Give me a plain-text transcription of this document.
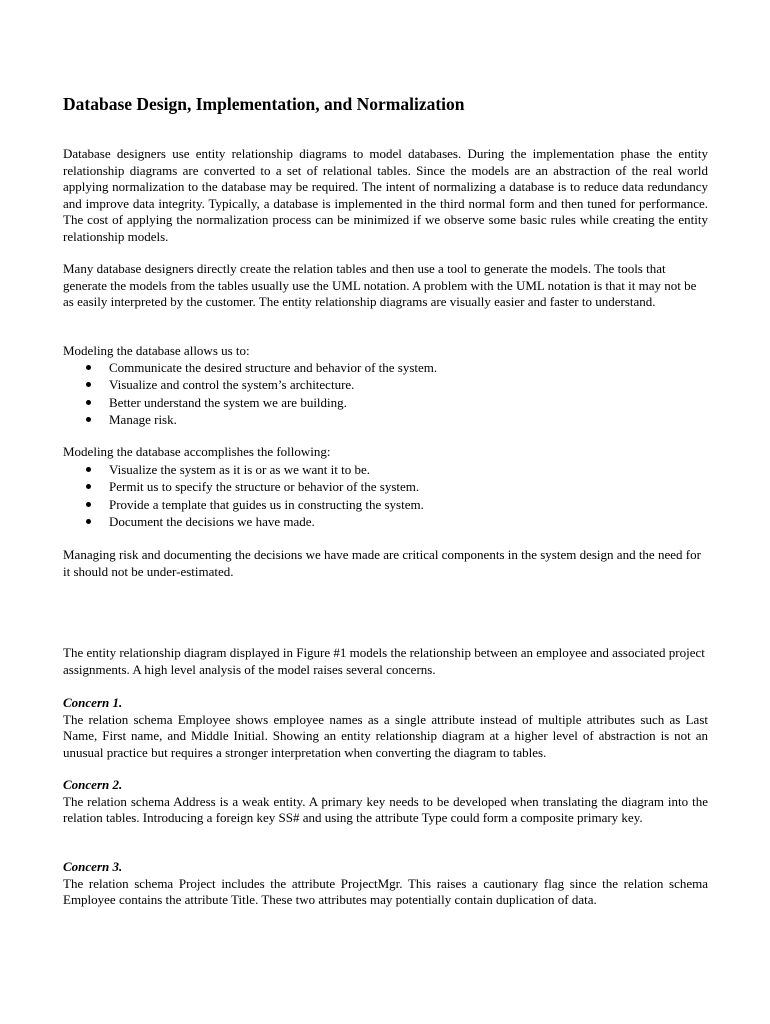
Database Design, Implementation, and Normalization

Database designers use entity relationship diagrams to model databases. During the implementation phase the entity relationship diagrams are converted to a set of relational tables. Since the models are an abstraction of the real world applying normalization to the database may be required. The intent of normalizing a database is to reduce data redundancy and improve data integrity. Typically, a database is implemented in the third normal form and then tuned for performance. The cost of applying the normalization process can be minimized if we observe some basic rules while creating the entity relationship models.

Many database designers directly create the relation tables and then use a tool to generate the models. The tools that generate the models from the tables usually use the UML notation. A problem with the UML notation is that it may not be as easily interpreted by the customer. The entity relationship diagrams are visually easier and faster to understand.

Modeling the database allows us to:

Communicate the desired structure and behavior of the system.
Visualize and control the system’s architecture.
Better understand the system we are building.
Manage risk.

Modeling the database accomplishes the following:

Visualize the system as it is or as we want it to be.
Permit us to specify the structure or behavior of the system.
Provide a template that guides us in constructing the system.
Document the decisions we have made.

Managing risk and documenting the decisions we have made are critical components in the system design and the need for it should not be under-estimated.

The entity relationship diagram displayed in Figure #1 models the relationship between an employee and associated project assignments. A high level analysis of the model raises several concerns.

Concern 1.
The relation schema Employee shows employee names as a single attribute instead of multiple attributes such as Last Name, First name, and Middle Initial. Showing an entity relationship diagram at a higher level of abstraction is not an unusual practice but requires a stronger interpretation when converting the diagram to tables.
Concern 2.
The relation schema Address is a weak entity. A primary key needs to be developed when translating the diagram into the relation tables. Introducing a foreign key SS# and using the attribute Type could form a composite primary key.
Concern 3.
The relation schema Project includes the attribute ProjectMgr. This raises a cautionary flag since the relation schema Employee contains the attribute Title. These two attributes may potentially contain duplication of data.
